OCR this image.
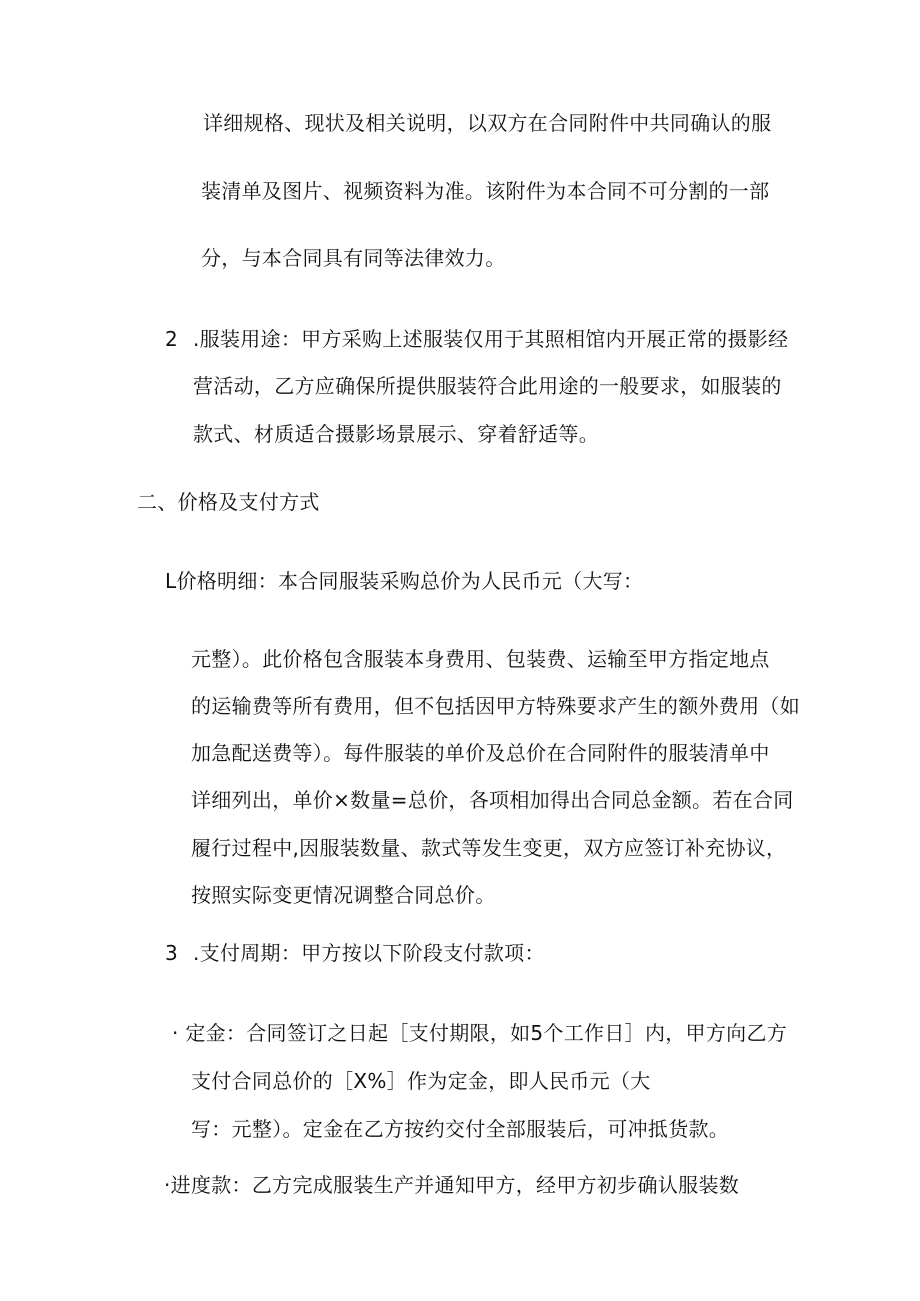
详细规格、现状及相关说明，以双方在合同附件中共同确认的服
装清单及图片、视频资料为准。该附件为本合同不可分割的一部
分，与本合同具有同等法律效力。
2 .服装用途：甲方采购上述服装仅用于其照相馆内开展正常的摄影经
营活动，乙方应确保所提供服装符合此用途的一般要求，如服装的
款式、材质适合摄影场景展示、穿着舒适等。
二、价格及支付方式
L价格明细：本合同服装采购总价为人民币元（大写：
元整）。此价格包含服装本身费用、包装费、运输至甲方指定地点
的运输费等所有费用，但不包括因甲方特殊要求产生的额外费用（如
加急配送费等）。每件服装的单价及总价在合同附件的服装清单中
详细列出，单价×数量=总价，各项相加得出合同总金额。若在合同
履行过程中,因服装数量、款式等发生变更，双方应签订补充协议，
按照实际变更情况调整合同总价。
3 .支付周期：甲方按以下阶段支付款项：
· 定金：合同签订之日起［支付期限，如5个工作日］内，甲方向乙方
支付合同总价的［X%］作为定金，即人民币元（大
写：元整）。定金在乙方按约交付全部服装后，可冲抵货款。
·进度款：乙方完成服装生产并通知甲方，经甲方初步确认服装数
